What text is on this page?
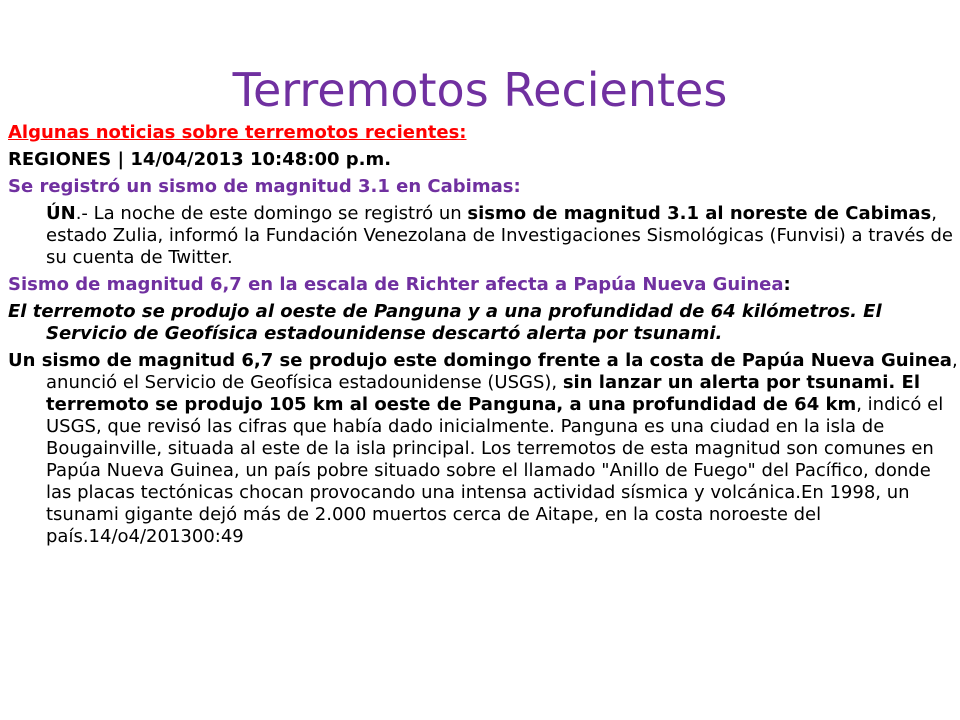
Terremotos Recientes
Algunas noticias sobre terremotos recientes:
REGIONES | 14/04/2013 10:48:00 p.m.
Se registró un sismo de magnitud 3.1 en Cabimas:
ÚN.- La noche de este domingo se registró un sismo de magnitud 3.1 al noreste de Cabimas, estado Zulia, informó la Fundación Venezolana de Investigaciones Sismológicas (Funvisi) a través de su cuenta de Twitter.
Sismo de magnitud 6,7 en la escala de Richter afecta a Papúa Nueva Guinea:
El terremoto se produjo al oeste de Panguna y a una profundidad de 64 kilómetros. El Servicio de Geofísica estadounidense descartó alerta por tsunami.
Un sismo de magnitud 6,7 se produjo este domingo frente a la costa de Papúa Nueva Guinea, anunció el Servicio de Geofísica estadounidense (USGS), sin lanzar un alerta por tsunami. El terremoto se produjo 105 km al oeste de Panguna, a una profundidad de 64 km, indicó el USGS, que revisó las cifras que había dado inicialmente. Panguna es una ciudad en la isla de Bougainville, situada al este de la isla principal. Los terremotos de esta magnitud son comunes en Papúa Nueva Guinea, un país pobre situado sobre el llamado "Anillo de Fuego" del Pacífico, donde las placas tectónicas chocan provocando una intensa actividad sísmica y volcánica.En 1998, un tsunami gigante dejó más de 2.000 muertos cerca de Aitape, en la costa noroeste del país.14/o4/201300:49
